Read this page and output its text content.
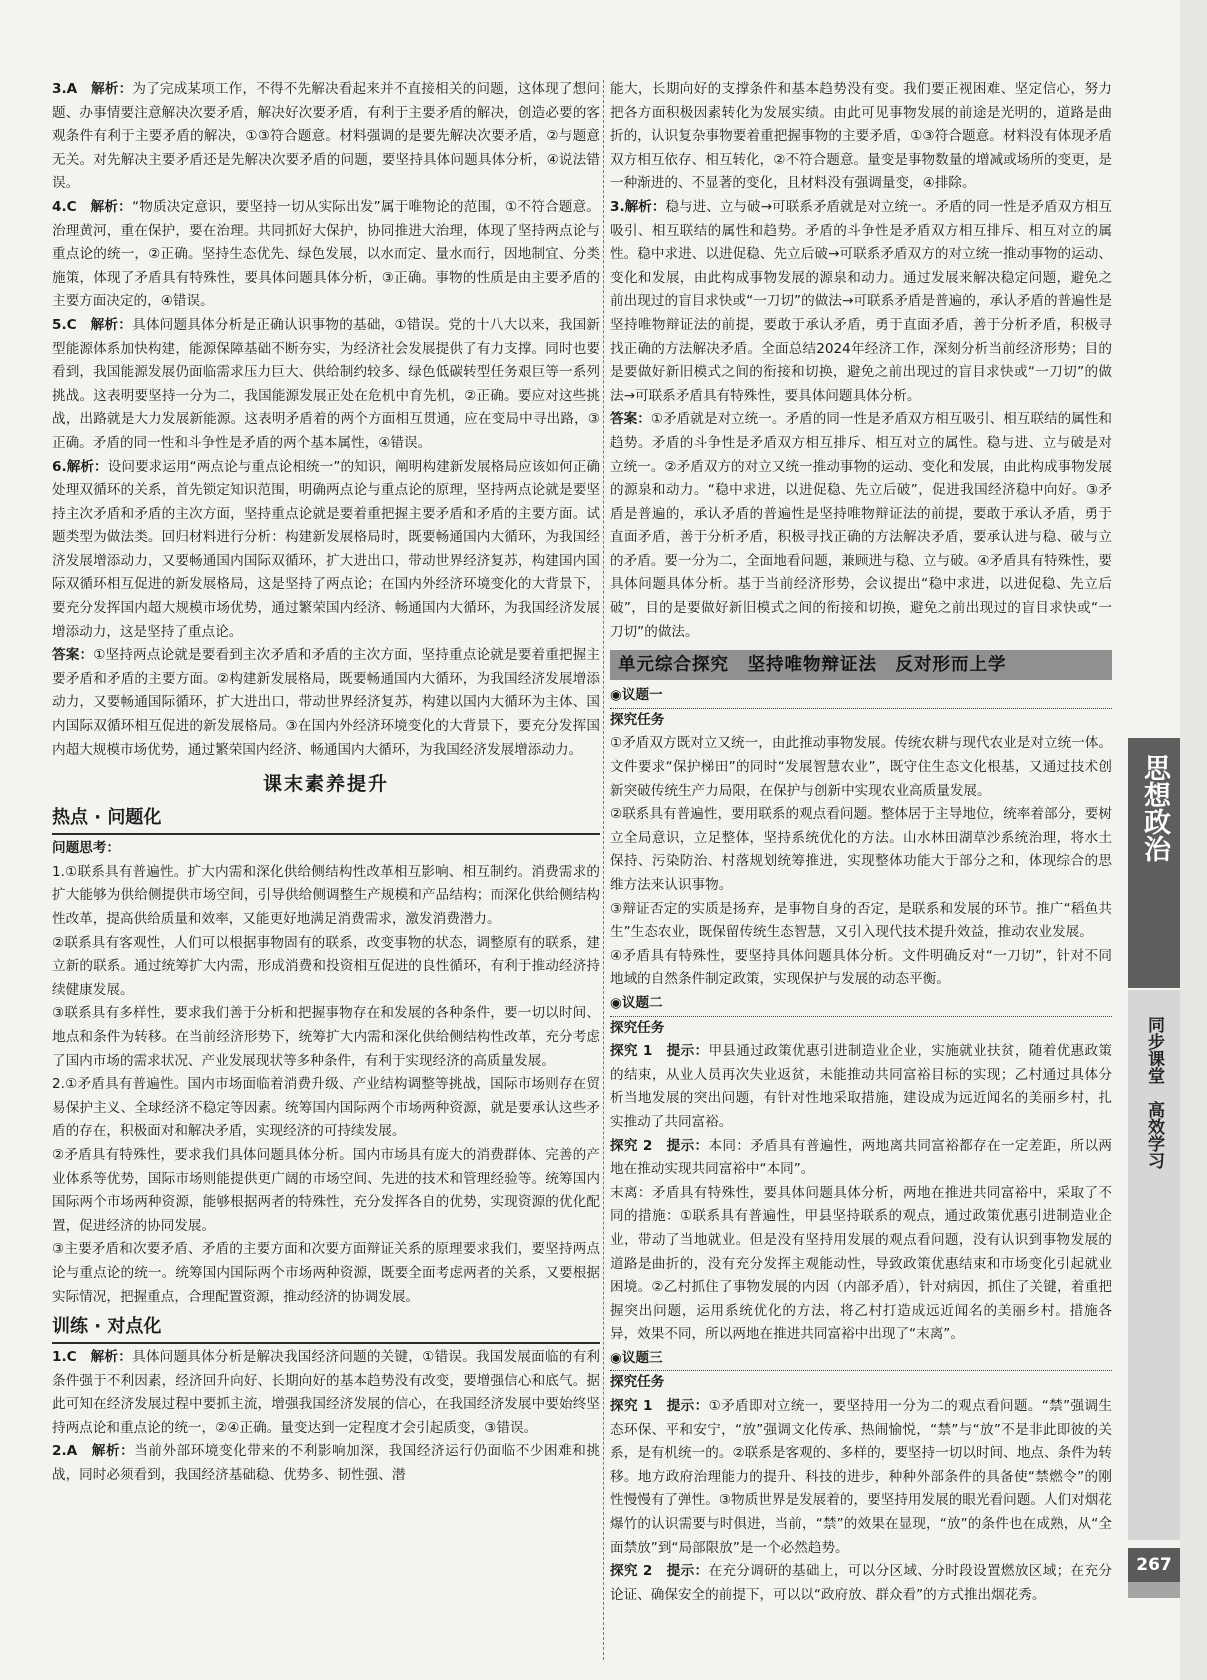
3.A　解析：为了完成某项工作，不得不先解决看起来并不直接相关的问题，这体现了想问题、办事情要注意解决次要矛盾，解决好次要矛盾，有利于主要矛盾的解决，创造必要的客观条件有利于主要矛盾的解决，①③符合题意。材料强调的是要先解决次要矛盾，②与题意无关。对先解决主要矛盾还是先解决次要矛盾的问题，要坚持具体问题具体分析，④说法错误。

4.C　解析：“物质决定意识，要坚持一切从实际出发”属于唯物论的范围，①不符合题意。治理黄河，重在保护，要在治理。共同抓好大保护，协同推进大治理，体现了坚持两点论与重点论的统一，②正确。坚持生态优先、绿色发展，以水而定、量水而行，因地制宜、分类施策，体现了矛盾具有特殊性，要具体问题具体分析，③正确。事物的性质是由主要矛盾的主要方面决定的，④错误。

5.C　解析：具体问题具体分析是正确认识事物的基础，①错误。党的十八大以来，我国新型能源体系加快构建，能源保障基础不断夯实，为经济社会发展提供了有力支撑。同时也要看到，我国能源发展仍面临需求压力巨大、供给制约较多、绿色低碳转型任务艰巨等一系列挑战。这表明要坚持一分为二，我国能源发展正处在危机中育先机，②正确。要应对这些挑战，出路就是大力发展新能源。这表明矛盾着的两个方面相互贯通，应在变局中寻出路，③正确。矛盾的同一性和斗争性是矛盾的两个基本属性，④错误。

6.解析：设问要求运用“两点论与重点论相统一”的知识，阐明构建新发展格局应该如何正确处理双循环的关系，首先锁定知识范围，明确两点论与重点论的原理，坚持两点论就是要坚持主次矛盾和矛盾的主次方面，坚持重点论就是要着重把握主要矛盾和矛盾的主要方面。试题类型为做法类。回归材料进行分析：构建新发展格局时，既要畅通国内大循环，为我国经济发展增添动力，又要畅通国内国际双循环，扩大进出口，带动世界经济复苏，构建国内国际双循环相互促进的新发展格局，这是坚持了两点论；在国内外经济环境变化的大背景下，要充分发挥国内超大规模市场优势，通过繁荣国内经济、畅通国内大循环，为我国经济发展增添动力，这是坚持了重点论。

答案：①坚持两点论就是要看到主次矛盾和矛盾的主次方面，坚持重点论就是要着重把握主要矛盾和矛盾的主要方面。②构建新发展格局，既要畅通国内大循环，为我国经济发展增添动力，又要畅通国际循环，扩大进出口，带动世界经济复苏，构建以国内大循环为主体、国内国际双循环相互促进的新发展格局。③在国内外经济环境变化的大背景下，要充分发挥国内超大规模市场优势，通过繁荣国内经济、畅通国内大循环，为我国经济发展增添动力。

课末素养提升
热点 · 问题化

问题思考：

1.①联系具有普遍性。扩大内需和深化供给侧结构性改革相互影响、相互制约。消费需求的扩大能够为供给侧提供市场空间，引导供给侧调整生产规模和产品结构；而深化供给侧结构性改革，提高供给质量和效率，又能更好地满足消费需求，激发消费潜力。

②联系具有客观性，人们可以根据事物固有的联系，改变事物的状态，调整原有的联系，建立新的联系。通过统筹扩大内需，形成消费和投资相互促进的良性循环，有利于推动经济持续健康发展。

③联系具有多样性，要求我们善于分析和把握事物存在和发展的各种条件，要一切以时间、地点和条件为转移。在当前经济形势下，统筹扩大内需和深化供给侧结构性改革，充分考虑了国内市场的需求状况、产业发展现状等多种条件，有利于实现经济的高质量发展。

2.①矛盾具有普遍性。国内市场面临着消费升级、产业结构调整等挑战，国际市场则存在贸易保护主义、全球经济不稳定等因素。统筹国内国际两个市场两种资源，就是要承认这些矛盾的存在，积极面对和解决矛盾，实现经济的可持续发展。

②矛盾具有特殊性，要求我们具体问题具体分析。国内市场具有庞大的消费群体、完善的产业体系等优势，国际市场则能提供更广阔的市场空间、先进的技术和管理经验等。统筹国内国际两个市场两种资源，能够根据两者的特殊性，充分发挥各自的优势，实现资源的优化配置，促进经济的协同发展。

③主要矛盾和次要矛盾、矛盾的主要方面和次要方面辩证关系的原理要求我们，要坚持两点论与重点论的统一。统筹国内国际两个市场两种资源，既要全面考虑两者的关系，又要根据实际情况，把握重点，合理配置资源，推动经济的协调发展。

训练 · 对点化

1.C　解析：具体问题具体分析是解决我国经济问题的关键，①错误。我国发展面临的有利条件强于不利因素，经济回升向好、长期向好的基本趋势没有改变，要增强信心和底气。据此可知在经济发展过程中要抓主流，增强我国经济发展的信心，在我国经济发展中要始终坚持两点论和重点论的统一，②④正确。量变达到一定程度才会引起质变，③错误。

2.A　解析：当前外部环境变化带来的不利影响加深，我国经济运行仍面临不少困难和挑战，同时必须看到，我国经济基础稳、优势多、韧性强、潜

能大，长期向好的支撑条件和基本趋势没有变。我们要正视困难、坚定信心，努力把各方面积极因素转化为发展实绩。由此可见事物发展的前途是光明的，道路是曲折的，认识复杂事物要着重把握事物的主要矛盾，①③符合题意。材料没有体现矛盾双方相互依存、相互转化，②不符合题意。量变是事物数量的增减或场所的变更，是一种渐进的、不显著的变化，且材料没有强调量变，④排除。

3.解析：稳与进、立与破→可联系矛盾就是对立统一。矛盾的同一性是矛盾双方相互吸引、相互联结的属性和趋势。矛盾的斗争性是矛盾双方相互排斥、相互对立的属性。稳中求进、以进促稳、先立后破→可联系矛盾双方的对立统一推动事物的运动、变化和发展，由此构成事物发展的源泉和动力。通过发展来解决稳定问题，避免之前出现过的盲目求快或“一刀切”的做法→可联系矛盾是普遍的，承认矛盾的普遍性是坚持唯物辩证法的前提，要敢于承认矛盾，勇于直面矛盾，善于分析矛盾，积极寻找正确的方法解决矛盾。全面总结2024年经济工作，深刻分析当前经济形势；目的是要做好新旧模式之间的衔接和切换，避免之前出现过的盲目求快或“一刀切”的做法→可联系矛盾具有特殊性，要具体问题具体分析。

答案：①矛盾就是对立统一。矛盾的同一性是矛盾双方相互吸引、相互联结的属性和趋势。矛盾的斗争性是矛盾双方相互排斥、相互对立的属性。稳与进、立与破是对立统一。②矛盾双方的对立又统一推动事物的运动、变化和发展，由此构成事物发展的源泉和动力。“稳中求进，以进促稳、先立后破”，促进我国经济稳中向好。③矛盾是普遍的，承认矛盾的普遍性是坚持唯物辩证法的前提，要敢于承认矛盾，勇于直面矛盾，善于分析矛盾，积极寻找正确的方法解决矛盾，要承认进与稳、破与立的矛盾。要一分为二，全面地看问题，兼顾进与稳、立与破。④矛盾具有特殊性，要具体问题具体分析。基于当前经济形势，会议提出“稳中求进，以进促稳、先立后破”，目的是要做好新旧模式之间的衔接和切换，避免之前出现过的盲目求快或“一刀切”的做法。

单元综合探究　坚持唯物辩证法　反对形而上学

◉议题一

探究任务

①矛盾双方既对立又统一，由此推动事物发展。传统农耕与现代农业是对立统一体。文件要求“保护梯田”的同时“发展智慧农业”，既守住生态文化根基，又通过技术创新突破传统生产力局限，在保护与创新中实现农业高质量发展。

②联系具有普遍性，要用联系的观点看问题。整体居于主导地位，统率着部分，要树立全局意识，立足整体，坚持系统优化的方法。山水林田湖草沙系统治理，将水土保持、污染防治、村落规划统筹推进，实现整体功能大于部分之和，体现综合的思维方法来认识事物。

③辩证否定的实质是扬弃，是事物自身的否定，是联系和发展的环节。推广“稻鱼共生”生态农业，既保留传统生态智慧，又引入现代技术提升效益，推动农业发展。

④矛盾具有特殊性，要坚持具体问题具体分析。文件明确反对“一刀切”，针对不同地域的自然条件制定政策，实现保护与发展的动态平衡。

◉议题二

探究任务

探究 1　提示：甲县通过政策优惠引进制造业企业，实施就业扶贫，随着优惠政策的结束，从业人员再次失业返贫，未能推动共同富裕目标的实现；乙村通过具体分析当地发展的突出问题，有针对性地采取措施，建设成为远近闻名的美丽乡村，扎实推动了共同富裕。

探究 2　提示：本同：矛盾具有普遍性，两地离共同富裕都存在一定差距，所以两地在推动实现共同富裕中“本同”。

末离：矛盾具有特殊性，要具体问题具体分析，两地在推进共同富裕中，采取了不同的措施：①联系具有普遍性，甲县坚持联系的观点，通过政策优惠引进制造业企业，带动了当地就业。但是没有坚持用发展的观点看问题，没有认识到事物发展的道路是曲折的，没有充分发挥主观能动性，导致政策优惠结束和市场变化引起就业困境。②乙村抓住了事物发展的内因（内部矛盾），针对病因，抓住了关键，着重把握突出问题，运用系统优化的方法，将乙村打造成远近闻名的美丽乡村。措施各异，效果不同，所以两地在推进共同富裕中出现了“末离”。

◉议题三

探究任务

探究 1　提示：①矛盾即对立统一，要坚持用一分为二的观点看问题。“禁”强调生态环保、平和安宁，“放”强调文化传承、热闹愉悦，“禁”与“放”不是非此即彼的关系，是有机统一的。②联系是客观的、多样的，要坚持一切以时间、地点、条件为转移。地方政府治理能力的提升、科技的进步，种种外部条件的具备使“禁燃令”的刚性慢慢有了弹性。③物质世界是发展着的，要坚持用发展的眼光看问题。人们对烟花爆竹的认识需要与时俱进，当前，“禁”的效果在显现，“放”的条件也在成熟，从“全面禁放”到“局部限放”是一个必然趋势。

探究 2　提示：在充分调研的基础上，可以分区域、分时段设置燃放区域；在充分论证、确保安全的前提下，可以以“政府放、群众看”的方式推出烟花秀。

思想政治
同步课堂　高效学习
267
